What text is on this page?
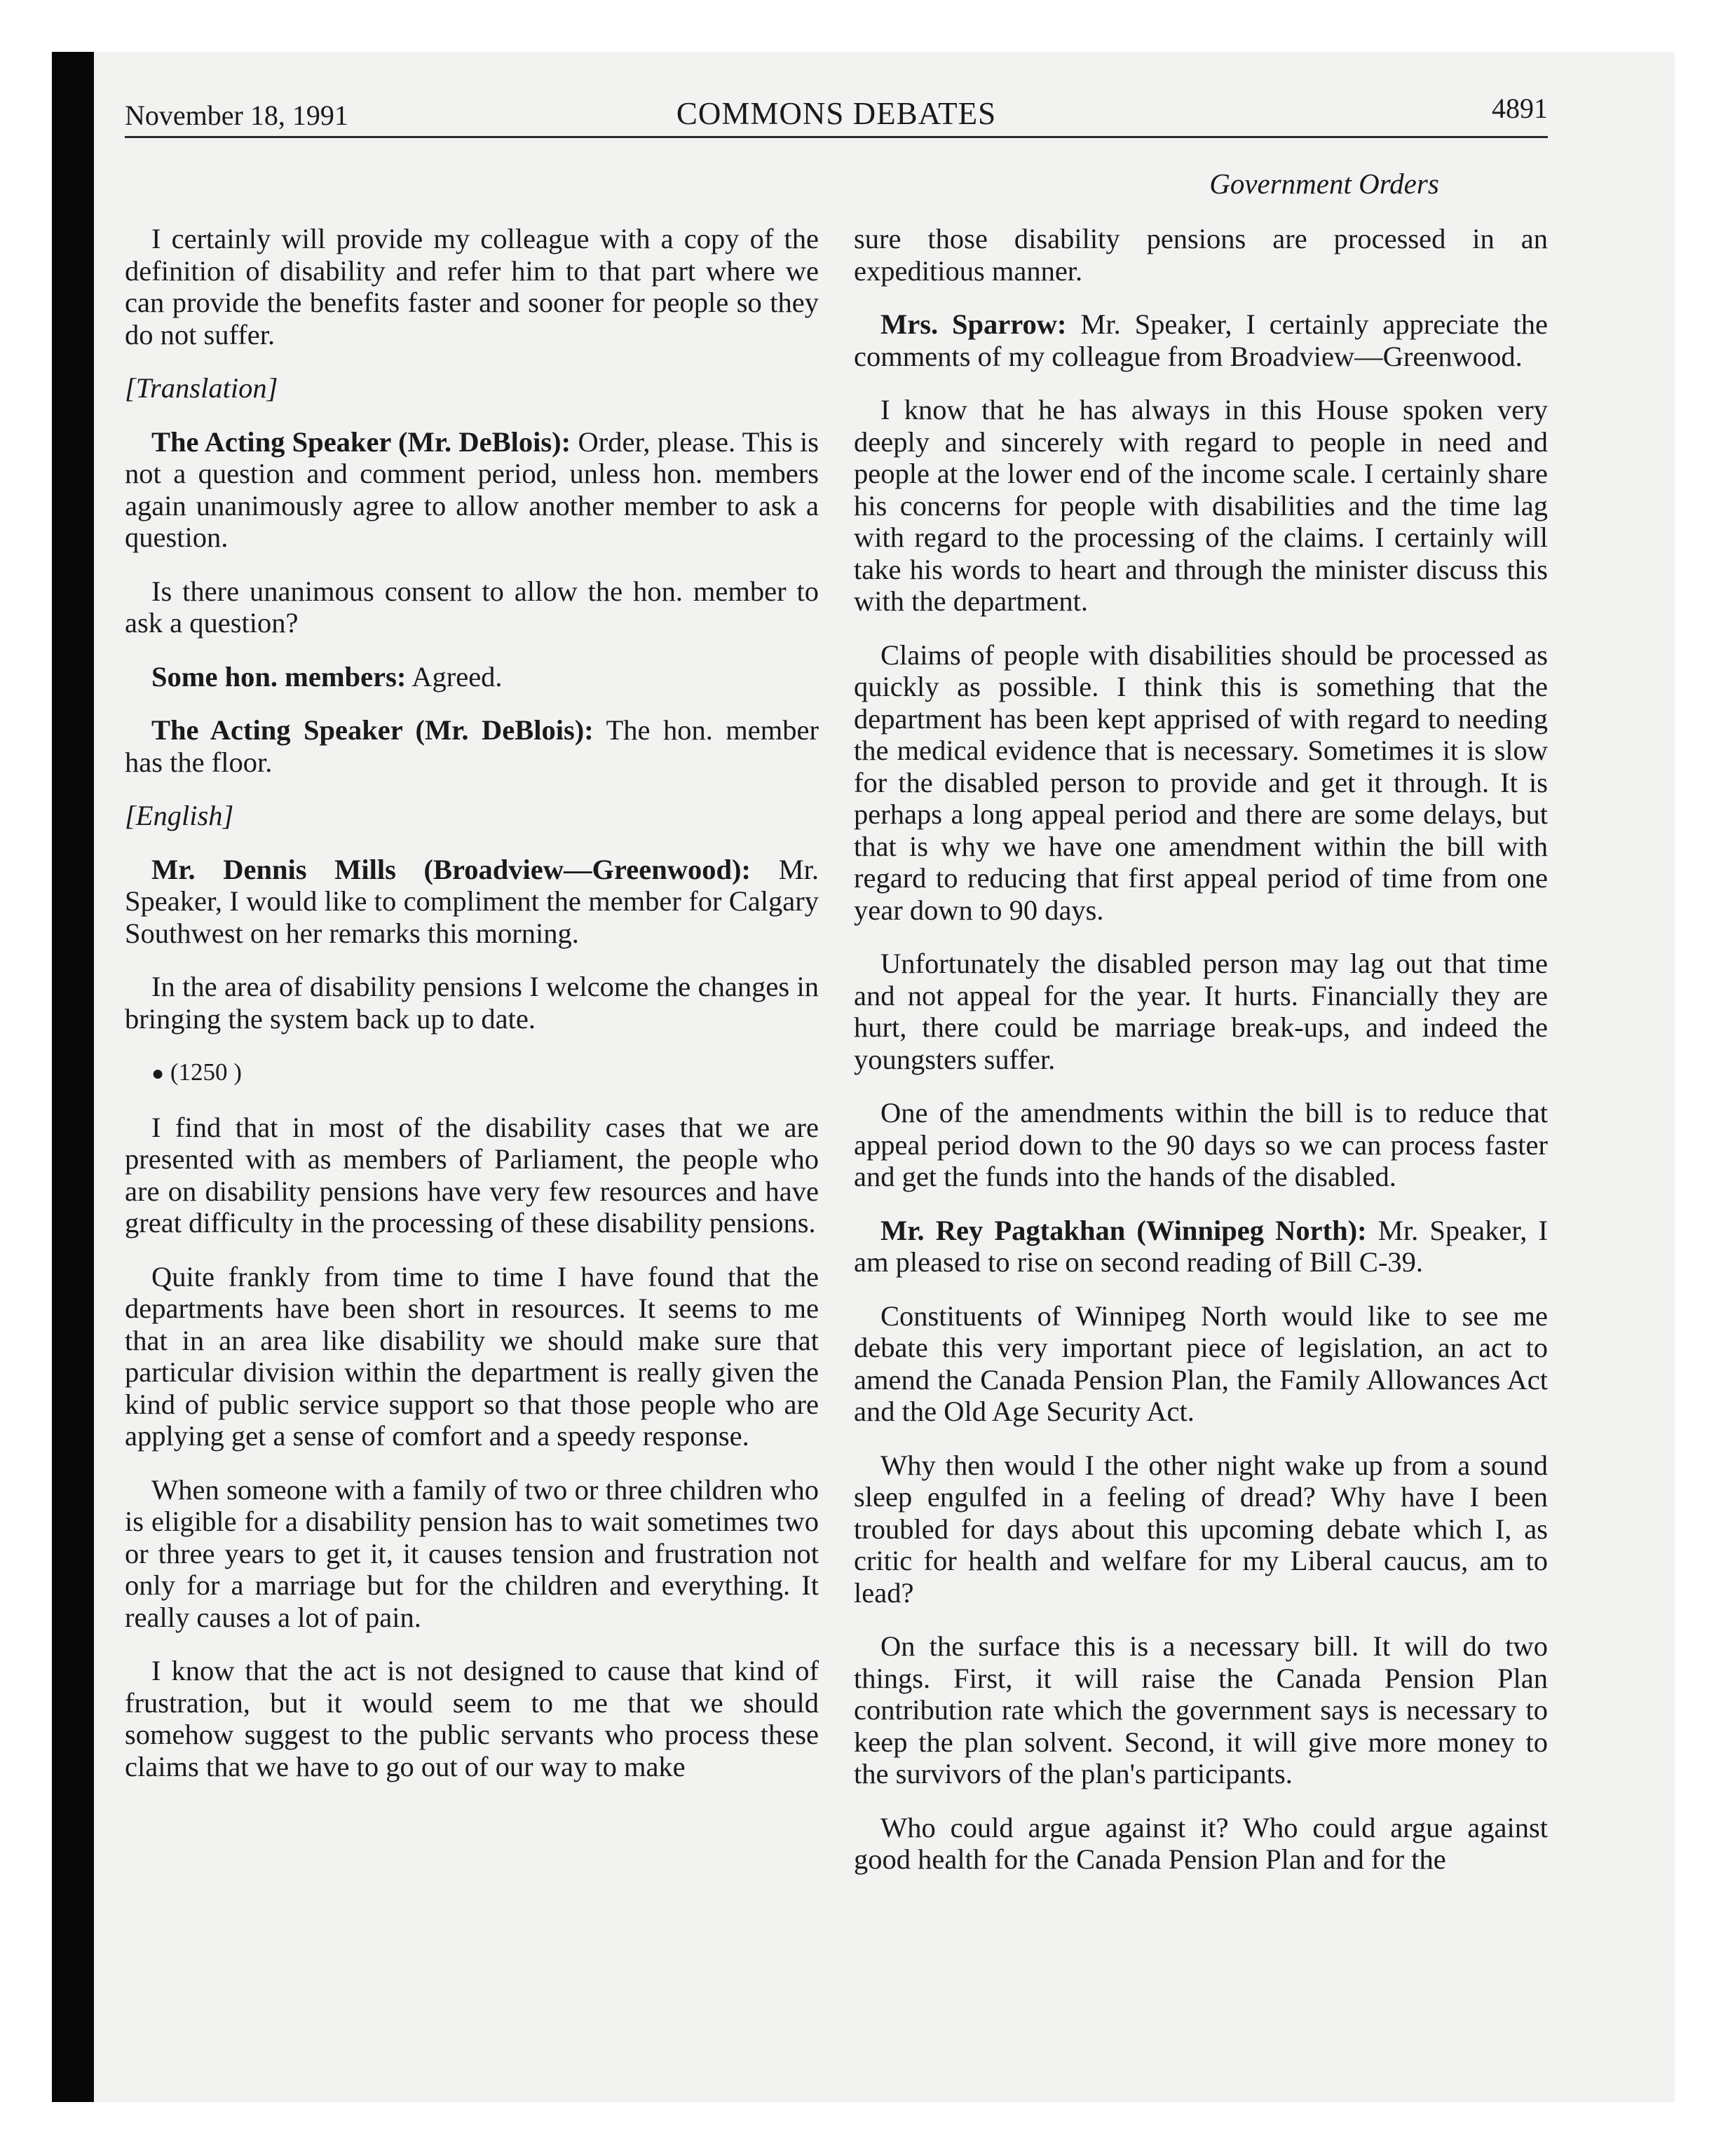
November 18, 1991	COMMONS DEBATES	4891
Government Orders

I certainly will provide my colleague with a copy of the definition of disability and refer him to that part where we can provide the benefits faster and sooner for people so they do not suffer.

[Translation]

The Acting Speaker (Mr. DeBlois): Order, please. This is not a question and comment period, unless hon. members again unanimously agree to allow another member to ask a question.

Is there unanimous consent to allow the hon. member to ask a question?

Some hon. members: Agreed.

The Acting Speaker (Mr. DeBlois): The hon. member has the floor.

[English]

Mr. Dennis Mills (Broadview—Greenwood): Mr. Speaker, I would like to compliment the member for Calgary Southwest on her remarks this morning.

In the area of disability pensions I welcome the changes in bringing the system back up to date.

● (1250 )

I find that in most of the disability cases that we are presented with as members of Parliament, the people who are on disability pensions have very few resources and have great difficulty in the processing of these disability pensions.

Quite frankly from time to time I have found that the departments have been short in resources. It seems to me that in an area like disability we should make sure that particular division within the department is really given the kind of public service support so that those people who are applying get a sense of comfort and a speedy response.

When someone with a family of two or three children who is eligible for a disability pension has to wait sometimes two or three years to get it, it causes tension and frustration not only for a marriage but for the children and everything. It really causes a lot of pain.

I know that the act is not designed to cause that kind of frustration, but it would seem to me that we should somehow suggest to the public servants who process these claims that we have to go out of our way to make

sure those disability pensions are processed in an expeditious manner.

Mrs. Sparrow: Mr. Speaker, I certainly appreciate the comments of my colleague from Broadview—Greenwood.

I know that he has always in this House spoken very deeply and sincerely with regard to people in need and people at the lower end of the income scale. I certainly share his concerns for people with disabilities and the time lag with regard to the processing of the claims. I certainly will take his words to heart and through the minister discuss this with the department.

Claims of people with disabilities should be processed as quickly as possible. I think this is something that the department has been kept apprised of with regard to needing the medical evidence that is necessary. Sometimes it is slow for the disabled person to provide and get it through. It is perhaps a long appeal period and there are some delays, but that is why we have one amendment within the bill with regard to reducing that first appeal period of time from one year down to 90 days.

Unfortunately the disabled person may lag out that time and not appeal for the year. It hurts. Financially they are hurt, there could be marriage break-ups, and indeed the youngsters suffer.

One of the amendments within the bill is to reduce that appeal period down to the 90 days so we can process faster and get the funds into the hands of the disabled.

Mr. Rey Pagtakhan (Winnipeg North): Mr. Speaker, I am pleased to rise on second reading of Bill C-39.

Constituents of Winnipeg North would like to see me debate this very important piece of legislation, an act to amend the Canada Pension Plan, the Family Allowances Act and the Old Age Security Act.

Why then would I the other night wake up from a sound sleep engulfed in a feeling of dread? Why have I been troubled for days about this upcoming debate which I, as critic for health and welfare for my Liberal caucus, am to lead?

On the surface this is a necessary bill. It will do two things. First, it will raise the Canada Pension Plan contribution rate which the government says is necessary to keep the plan solvent. Second, it will give more money to the survivors of the plan's participants.

Who could argue against it? Who could argue against good health for the Canada Pension Plan and for the
